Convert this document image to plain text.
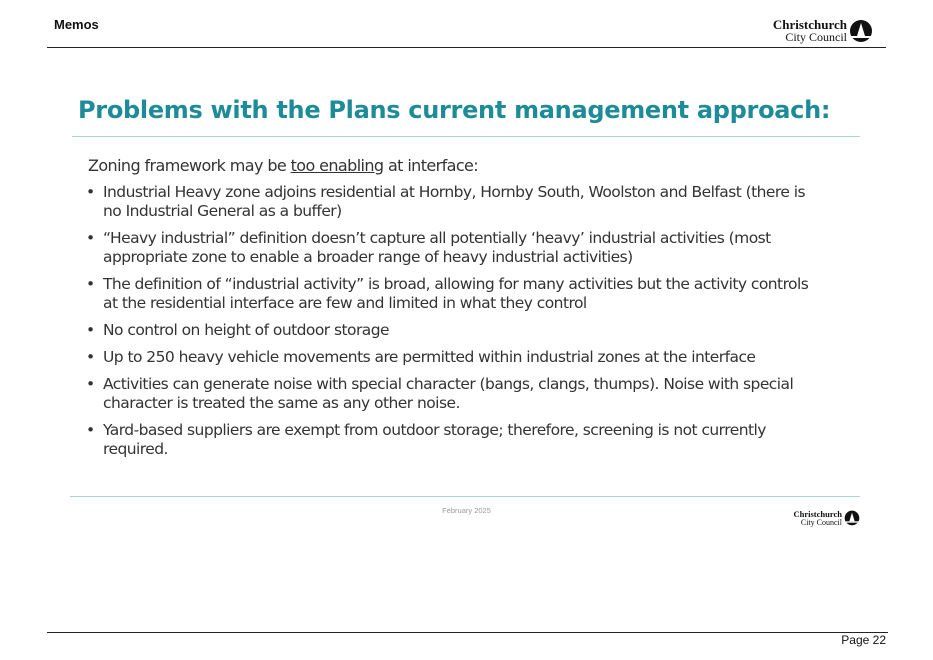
Memos	Christchurch
City Council
Problems with the Plans current management approach:
Zoning framework may be too enabling at interface:
• Industrial Heavy zone adjoins residential at Hornby, Hornby South, Woolston and Belfast (there is no Industrial General as a buffer)
• “Heavy industrial” definition doesn’t capture all potentially ‘heavy’ industrial activities (most appropriate zone to enable a broader range of heavy industrial activities)
• The definition of “industrial activity” is broad, allowing for many activities but the activity controls at the residential interface are few and limited in what they control
• No control on height of outdoor storage
• Up to 250 heavy vehicle movements are permitted within industrial zones at the interface
• Activities can generate noise with special character (bangs, clangs, thumps). Noise with special character is treated the same as any other noise.
• Yard-based suppliers are exempt from outdoor storage; therefore, screening is not currently required.
February 2025	Christchurch
City Council
Page 22
